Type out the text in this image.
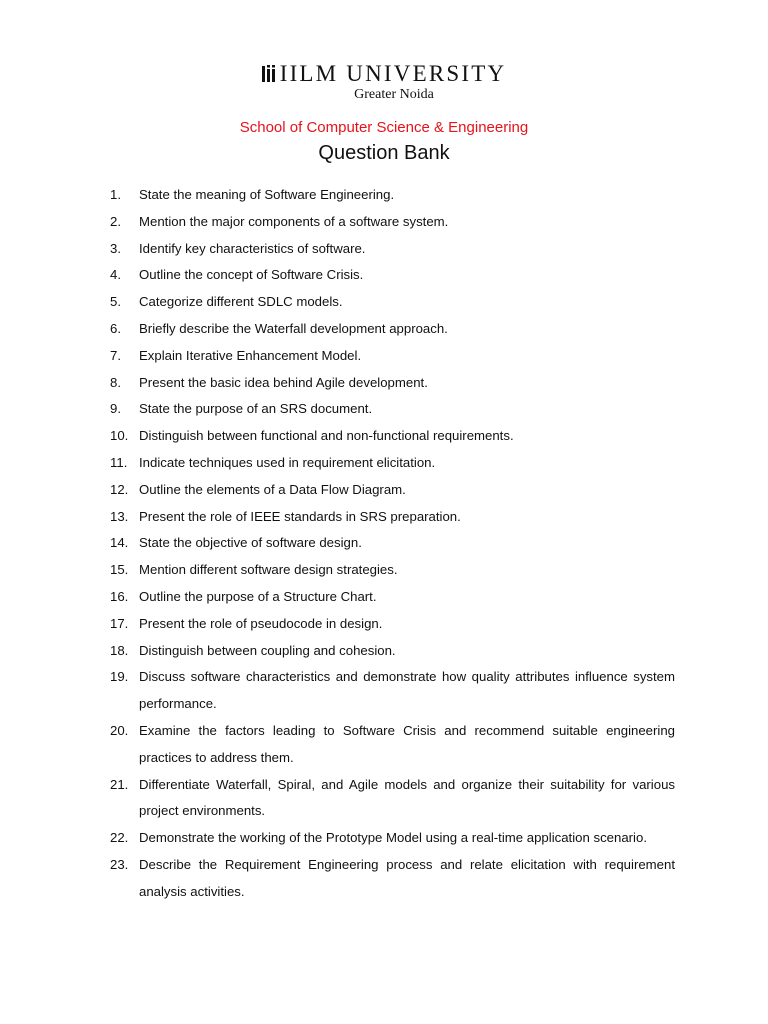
IILM UNIVERSITY
Greater Noida
School of Computer Science & Engineering
Question Bank
1.	State the meaning of Software Engineering.
2.	Mention the major components of a software system.
3.	Identify key characteristics of software.
4.	Outline the concept of Software Crisis.
5.	Categorize different SDLC models.
6.	Briefly describe the Waterfall development approach.
7.	Explain Iterative Enhancement Model.
8.	Present the basic idea behind Agile development.
9.	State the purpose of an SRS document.
10. Distinguish between functional and non-functional requirements.
11. Indicate techniques used in requirement elicitation.
12. Outline the elements of a Data Flow Diagram.
13. Present the role of IEEE standards in SRS preparation.
14. State the objective of software design.
15. Mention different software design strategies.
16. Outline the purpose of a Structure Chart.
17. Present the role of pseudocode in design.
18. Distinguish between coupling and cohesion.
19. Discuss software characteristics and demonstrate how quality attributes influence system performance.
20. Examine the factors leading to Software Crisis and recommend suitable engineering practices to address them.
21. Differentiate Waterfall, Spiral, and Agile models and organize their suitability for various project environments.
22. Demonstrate the working of the Prototype Model using a real-time application scenario.
23. Describe the Requirement Engineering process and relate elicitation with requirement analysis activities.
